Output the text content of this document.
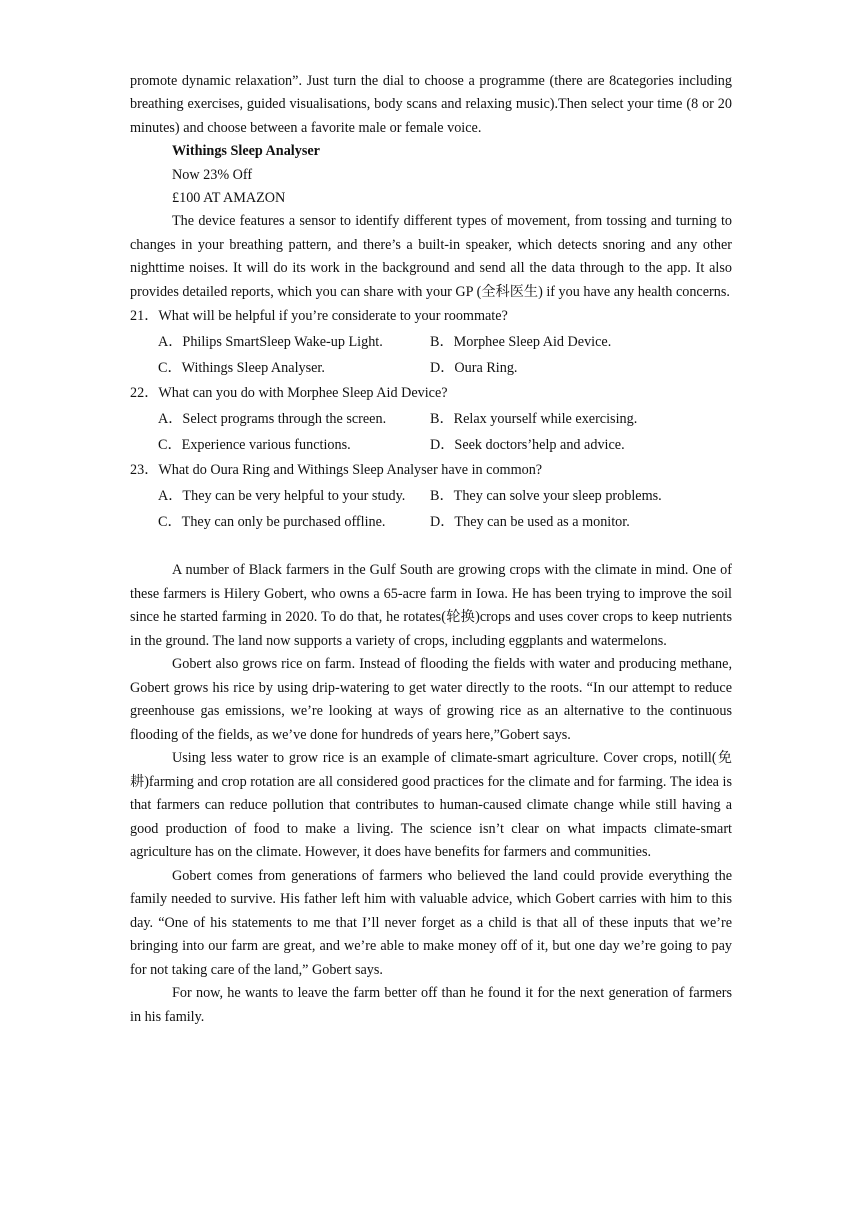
promote dynamic relaxation”. Just turn the dial to choose a programme (there are 8categories including breathing exercises, guided visualisations, body scans and relaxing music).Then select your time (8 or 20 minutes) and choose between a favorite male or female voice.

Withings Sleep Analyser

Now 23% Off

£100 AT AMAZON

The device features a sensor to identify different types of movement, from tossing and turning to changes in your breathing pattern, and there’s a built-in speaker, which detects snoring and any other nighttime noises. It will do its work in the background and send all the data through to the app. It also provides detailed reports, which you can share with your GP (全科医生) if you have any health concerns.

21．What will be helpful if you’re considerate to your roommate?

A．Philips SmartSleep Wake-up Light.	B．Morphee Sleep Aid Device.
C．Withings Sleep Analyser.	D．Oura Ring.

22．What can you do with Morphee Sleep Aid Device?

A．Select programs through the screen.	B．Relax yourself while exercising.
C．Experience various functions.	D．Seek doctors’help and advice.

23．What do Oura Ring and Withings Sleep Analyser have in common?

A．They can be very helpful to your study.	B．They can solve your sleep problems.
C．They can only be purchased offline.	D．They can be used as a monitor.

A number of Black farmers in the Gulf South are growing crops with the climate in mind. One of these farmers is Hilery Gobert, who owns a 65-acre farm in Iowa. He has been trying to improve the soil since he started farming in 2020. To do that, he rotates(轮换)crops and uses cover crops to keep nutrients in the ground. The land now supports a variety of crops, including eggplants and watermelons.

Gobert also grows rice on farm. Instead of flooding the fields with water and producing methane, Gobert grows his rice by using drip-watering to get water directly to the roots. “In our attempt to reduce greenhouse gas emissions, we’re looking at ways of growing rice as an alternative to the continuous flooding of the fields, as we’ve done for hundreds of years here,”Gobert says.

Using less water to grow rice is an example of climate-smart agriculture. Cover crops, notill(免耕)farming and crop rotation are all considered good practices for the climate and for farming. The idea is that farmers can reduce pollution that contributes to human-caused climate change while still having a good production of food to make a living. The science isn’t clear on what impacts climate-smart agriculture has on the climate. However, it does have benefits for farmers and communities.

Gobert comes from generations of farmers who believed the land could provide everything the family needed to survive. His father left him with valuable advice, which Gobert carries with him to this day. “One of his statements to me that I’ll never forget as a child is that all of these inputs that we’re bringing into our farm are great, and we’re able to make money off of it, but one day we’re going to pay for not taking care of the land,” Gobert says.

For now, he wants to leave the farm better off than he found it for the next generation of farmers in his family.
